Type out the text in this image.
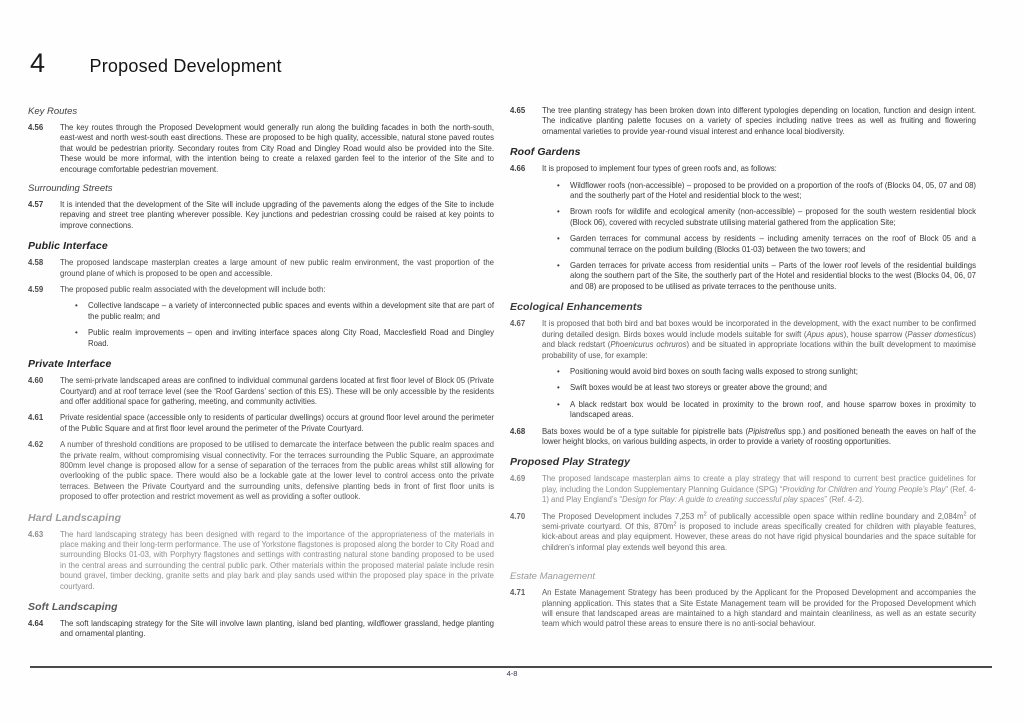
4 Proposed Development
Key Routes
4.56	The key routes through the Proposed Development would generally run along the building facades in both the north-south, east-west and north west-south east directions. These are proposed to be high quality, accessible, natural stone paved routes that would be pedestrian priority. Secondary routes from City Road and Dingley Road would also be provided into the Site. These would be more informal, with the intention being to create a relaxed garden feel to the interior of the Site and to encourage comfortable pedestrian movement.
Surrounding Streets
4.57	It is intended that the development of the Site will include upgrading of the pavements along the edges of the Site to include repaving and street tree planting wherever possible. Key junctions and pedestrian crossing could be raised at key points to improve connections.
Public Interface
4.58	The proposed landscape masterplan creates a large amount of new public realm environment, the vast proportion of the ground plane of which is proposed to be open and accessible.
4.59	The proposed public realm associated with the development will include both:
•	Collective landscape – a variety of interconnected public spaces and events within a development site that are part of the public realm; and
•	Public realm improvements – open and inviting interface spaces along City Road, Macclesfield Road and Dingley Road.
Private Interface
4.60	The semi-private landscaped areas are confined to individual communal gardens located at first floor level of Block 05 (Private Courtyard) and at roof terrace level (see the ‘Roof Gardens’ section of this ES). These will be only accessible by the residents and offer additional space for gathering, meeting, and community activities.
4.61	Private residential space (accessible only to residents of particular dwellings) occurs at ground floor level around the perimeter of the Public Square and at first floor level around the perimeter of the Private Courtyard.
4.62	A number of threshold conditions are proposed to be utilised to demarcate the interface between the public realm spaces and the private realm, without compromising visual connectivity. For the terraces surrounding the Public Square, an approximate 800mm level change is proposed allow for a sense of separation of the terraces from the public areas whilst still allowing for overlooking of the public space. There would also be a lockable gate at the lower level to control access onto the private terraces. Between the Private Courtyard and the surrounding units, defensive planting beds in front of first floor units is proposed to offer protection and restrict movement as well as providing a softer outlook.
Hard Landscaping
4.63	The hard landscaping strategy has been designed with regard to the importance of the appropriateness of the materials in place making and their long-term performance. The use of Yorkstone flagstones is proposed along the border to City Road and surrounding Blocks 01-03, with Porphyry flagstones and settings with contrasting natural stone banding proposed to be used in the central areas and surrounding the central public park. Other materials within the proposed material palate include resin bound gravel, timber decking, granite setts and play bark and play sands used within the proposed play space in the private courtyard.
Soft Landscaping
4.64	The soft landscaping strategy for the Site will involve lawn planting, island bed planting, wildflower grassland, hedge planting and ornamental planting.
4.65	The tree planting strategy has been broken down into different typologies depending on location, function and design intent. The indicative planting palette focuses on a variety of species including native trees as well as fruiting and flowering ornamental varieties to provide year-round visual interest and enhance local biodiversity.
Roof Gardens
4.66	It is proposed to implement four types of green roofs and, as follows:
•	Wildflower roofs (non-accessible) – proposed to be provided on a proportion of the roofs of (Blocks 04, 05, 07 and 08) and the southerly part of the Hotel and residential block to the west;
•	Brown roofs for wildlife and ecological amenity (non-accessible) – proposed for the south western residential block (Block 06), covered with recycled substrate utilising material gathered from the application Site;
•	Garden terraces for communal access by residents – including amenity terraces on the roof of Block 05 and a communal terrace on the podium building (Blocks 01-03) between the two towers; and
•	Garden terraces for private access from residential units – Parts of the lower roof levels of the residential buildings along the southern part of the Site, the southerly part of the Hotel and residential blocks to the west (Blocks 04, 06, 07 and 08) are proposed to be utilised as private terraces to the penthouse units.
Ecological Enhancements
4.67	It is proposed that both bird and bat boxes would be incorporated in the development, with the exact number to be confirmed during detailed design. Birds boxes would include models suitable for swift (Apus apus), house sparrow (Passer domesticus) and black redstart (Phoenicurus ochruros) and be situated in appropriate locations within the built development to maximise probability of use, for example:
•	Positioning would avoid bird boxes on south facing walls exposed to strong sunlight;
•	Swift boxes would be at least two storeys or greater above the ground; and
•	A black redstart box would be located in proximity to the brown roof, and house sparrow boxes in proximity to landscaped areas.
4.68	Bats boxes would be of a type suitable for pipistrelle bats (Pipistrellus spp.) and positioned beneath the eaves on half of the lower height blocks, on various building aspects, in order to provide a variety of roosting opportunities.
Proposed Play Strategy
4.69	The proposed landscape masterplan aims to create a play strategy that will respond to current best practice guidelines for play, including the London Supplementary Planning Guidance (SPG) “Providing for Children and Young People’s Play” (Ref. 4-1) and Play England’s “Design for Play: A guide to creating successful play spaces” (Ref. 4-2).
4.70	The Proposed Development includes 7,253 $m^2$ of publically accessible open space within redline boundary and $2,084m^2$ of semi-private courtyard. Of this, $870m^2$ is proposed to include areas specifically created for children with playable features, kick-about areas and play equipment. However, these areas do not have rigid physical boundaries and the space suitable for children’s informal play extends well beyond this area.
Estate Management
4.71	An Estate Management Strategy has been produced by the Applicant for the Proposed Development and accompanies the planning application. This states that a Site Estate Management team will be provided for the Proposed Development which will ensure that landscaped areas are maintained to a high standard and maintain cleanliness, as well as an estate security team which would patrol these areas to ensure there is no anti-social behaviour.
4-8
